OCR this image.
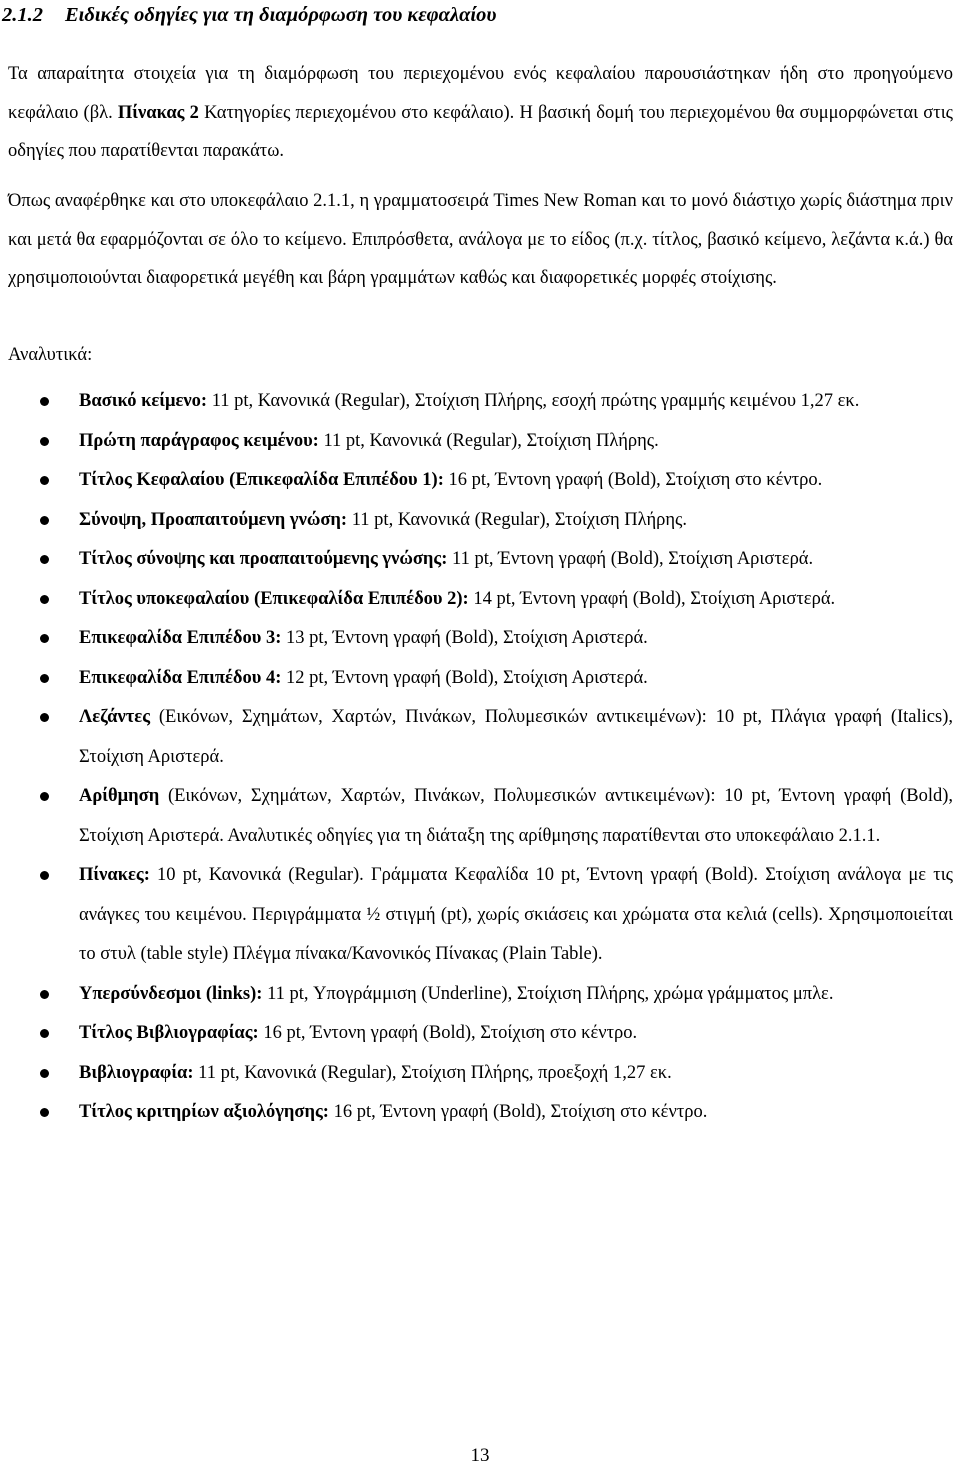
2.1.2 Ειδικές οδηγίες για τη διαμόρφωση του κεφαλαίου
Τα απαραίτητα στοιχεία για τη διαμόρφωση του περιεχομένου ενός κεφαλαίου παρουσιάστηκαν ήδη στο προηγούμενο κεφάλαιο (βλ. Πίνακας 2 Κατηγορίες περιεχομένου στο κεφάλαιο). Η βασική δομή του περιεχομένου θα συμμορφώνεται στις οδηγίες που παρατίθενται παρακάτω.
Όπως αναφέρθηκε και στο υποκεφάλαιο 2.1.1, η γραμματοσειρά Times New Roman και το μονό διάστιχο χωρίς διάστημα πριν και μετά θα εφαρμόζονται σε όλο το κείμενο. Επιπρόσθετα, ανάλογα με το είδος (π.χ. τίτλος, βασικό κείμενο, λεζάντα κ.ά.) θα χρησιμοποιούνται διαφορετικά μεγέθη και βάρη γραμμάτων καθώς και διαφορετικές μορφές στοίχισης.
Αναλυτικά:
Βασικό κείμενο: 11 pt, Κανονικά (Regular), Στοίχιση Πλήρης, εσοχή πρώτης γραμμής κειμένου 1,27 εκ.
Πρώτη παράγραφος κειμένου: 11 pt, Κανονικά (Regular), Στοίχιση Πλήρης.
Τίτλος Κεφαλαίου (Επικεφαλίδα Επιπέδου 1): 16 pt, Έντονη γραφή (Bold), Στοίχιση στο κέντρο.
Σύνοψη, Προαπαιτούμενη γνώση: 11 pt, Κανονικά (Regular), Στοίχιση Πλήρης.
Τίτλος σύνοψης και προαπαιτούμενης γνώσης: 11 pt, Έντονη γραφή (Bold), Στοίχιση Αριστερά.
Τίτλος υποκεφαλαίου (Επικεφαλίδα Επιπέδου 2): 14 pt, Έντονη γραφή (Bold), Στοίχιση Αριστερά.
Επικεφαλίδα Επιπέδου 3: 13 pt, Έντονη γραφή (Bold), Στοίχιση Αριστερά.
Επικεφαλίδα Επιπέδου 4: 12 pt, Έντονη γραφή (Bold), Στοίχιση Αριστερά.
Λεζάντες (Εικόνων, Σχημάτων, Χαρτών, Πινάκων, Πολυμεσικών αντικειμένων): 10 pt, Πλάγια γραφή (Italics), Στοίχιση Αριστερά.
Αρίθμηση (Εικόνων, Σχημάτων, Χαρτών, Πινάκων, Πολυμεσικών αντικειμένων): 10 pt, Έντονη γραφή (Bold), Στοίχιση Αριστερά. Αναλυτικές οδηγίες για τη διάταξη της αρίθμησης παρατίθενται στο υποκεφάλαιο 2.1.1.
Πίνακες: 10 pt, Κανονικά (Regular). Γράμματα Κεφαλίδα 10 pt, Έντονη γραφή (Bold). Στοίχιση ανάλογα με τις ανάγκες του κειμένου. Περιγράμματα ½ στιγμή (pt), χωρίς σκιάσεις και χρώματα στα κελιά (cells). Χρησιμοποιείται το στυλ (table style) Πλέγμα πίνακα/Κανονικός Πίνακας (Plain Table).
Υπερσύνδεσμοι (links): 11 pt, Υπογράμμιση (Underline), Στοίχιση Πλήρης, χρώμα γράμματος μπλε.
Τίτλος Βιβλιογραφίας: 16 pt, Έντονη γραφή (Bold), Στοίχιση στο κέντρο.
Βιβλιογραφία: 11 pt, Κανονικά (Regular), Στοίχιση Πλήρης, προεξοχή 1,27 εκ.
Τίτλος κριτηρίων αξιολόγησης: 16 pt, Έντονη γραφή (Bold), Στοίχιση στο κέντρο.
13
